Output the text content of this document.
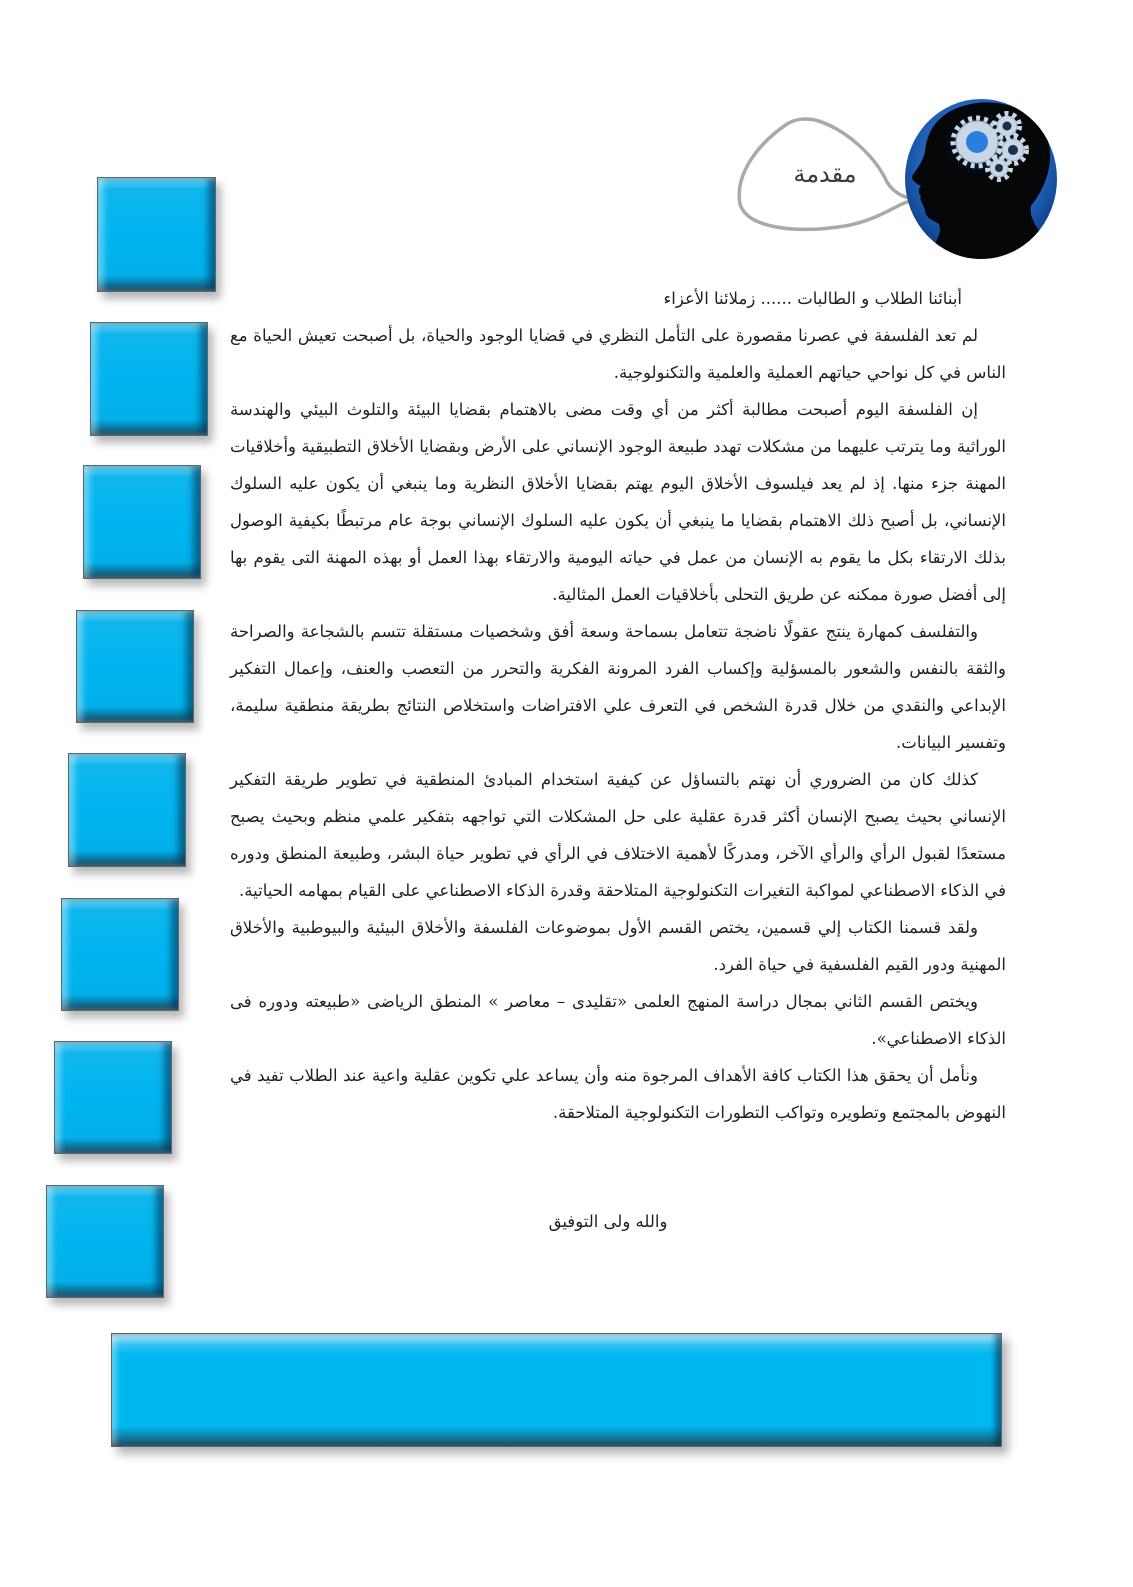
مقدمة

أبنائنا الطلاب و الطالبات ...... زملائنا الأعزاء

لم تعد الفلسفة في عصرنا مقصورة على التأمل النظري في قضايا الوجود والحياة، بل أصبحت تعيش الحياة مع الناس في كل نواحي حياتهم العملية والعلمية والتكنولوجية.

إن الفلسفة اليوم أصبحت مطالبة أكثر من أي وقت مضى بالاهتمام بقضايا البيئة والتلوث البيئي والهندسة الوراثية وما يترتب عليهما من مشكلات تهدد طبيعة الوجود الإنساني على الأرض وبقضايا الأخلاق التطبيقية وأخلاقيات المهنة جزء منها. إذ لم يعد فيلسوف الأخلاق اليوم يهتم بقضايا الأخلاق النظرية وما ينبغي أن يكون عليه السلوك الإنساني، بل أصبح ذلك الاهتمام بقضايا ما ينبغي أن يكون عليه السلوك الإنساني بوجة عام مرتبطًا بكيفية الوصول بذلك الارتقاء بكل ما يقوم به الإنسان من عمل في حياته اليومية والارتقاء بهذا العمل أو بهذه المهنة التى يقوم بها إلى أفضل صورة ممكنه عن طريق التحلى بأخلاقيات العمل المثالية.

والتفلسف كمهارة ينتج عقولًا ناضجة تتعامل بسماحة وسعة أفق وشخصيات مستقلة تتسم بالشجاعة والصراحة والثقة بالنفس والشعور بالمسؤلية وإكساب الفرد المرونة الفكرية والتحرر من التعصب والعنف، وإعمال التفكير الإبداعي والنقدي من خلال قدرة الشخص في التعرف علي الافتراضات واستخلاص النتائج بطريقة منطقية سليمة، وتفسير البيانات.

كذلك كان من الضروري أن نهتم بالتساؤل عن كيفية استخدام المبادئ المنطقية في تطوير طريقة التفكير الإنساني بحيث يصبح الإنسان أكثر قدرة عقلية على حل المشكلات التي تواجهه بتفكير علمي منظم وبحيث يصبح مستعدًا لقبول الرأي والرأي الآخر، ومدركًا لأهمية الاختلاف في الرأي في تطوير حياة البشر، وطبيعة المنطق ودوره في الذكاء الاصطناعي لمواكبة التغيرات التكنولوجية المتلاحقة وقدرة الذكاء الاصطناعي على القيام بمهامه الحياتية.

ولقد قسمنا الكتاب إلي قسمين، يختص القسم الأول بموضوعات الفلسفة والأخلاق البيئية والبيوطبية والأخلاق المهنية ودور القيم الفلسفية في حياة الفرد.

ويختص القسم الثاني بمجال دراسة المنهج العلمى «تقليدى – معاصر » المنطق الرياضى «طبيعته ودوره فى الذكاء الاصطناعي».

ونأمل أن يحقق هذا الكتاب كافة الأهداف المرجوة منه وأن يساعد علي تكوين عقلية واعية عند الطلاب تفيد في النهوض بالمجتمع وتطويره وتواكب التطورات التكنولوجية المتلاحقة.

والله ولى التوفيق
